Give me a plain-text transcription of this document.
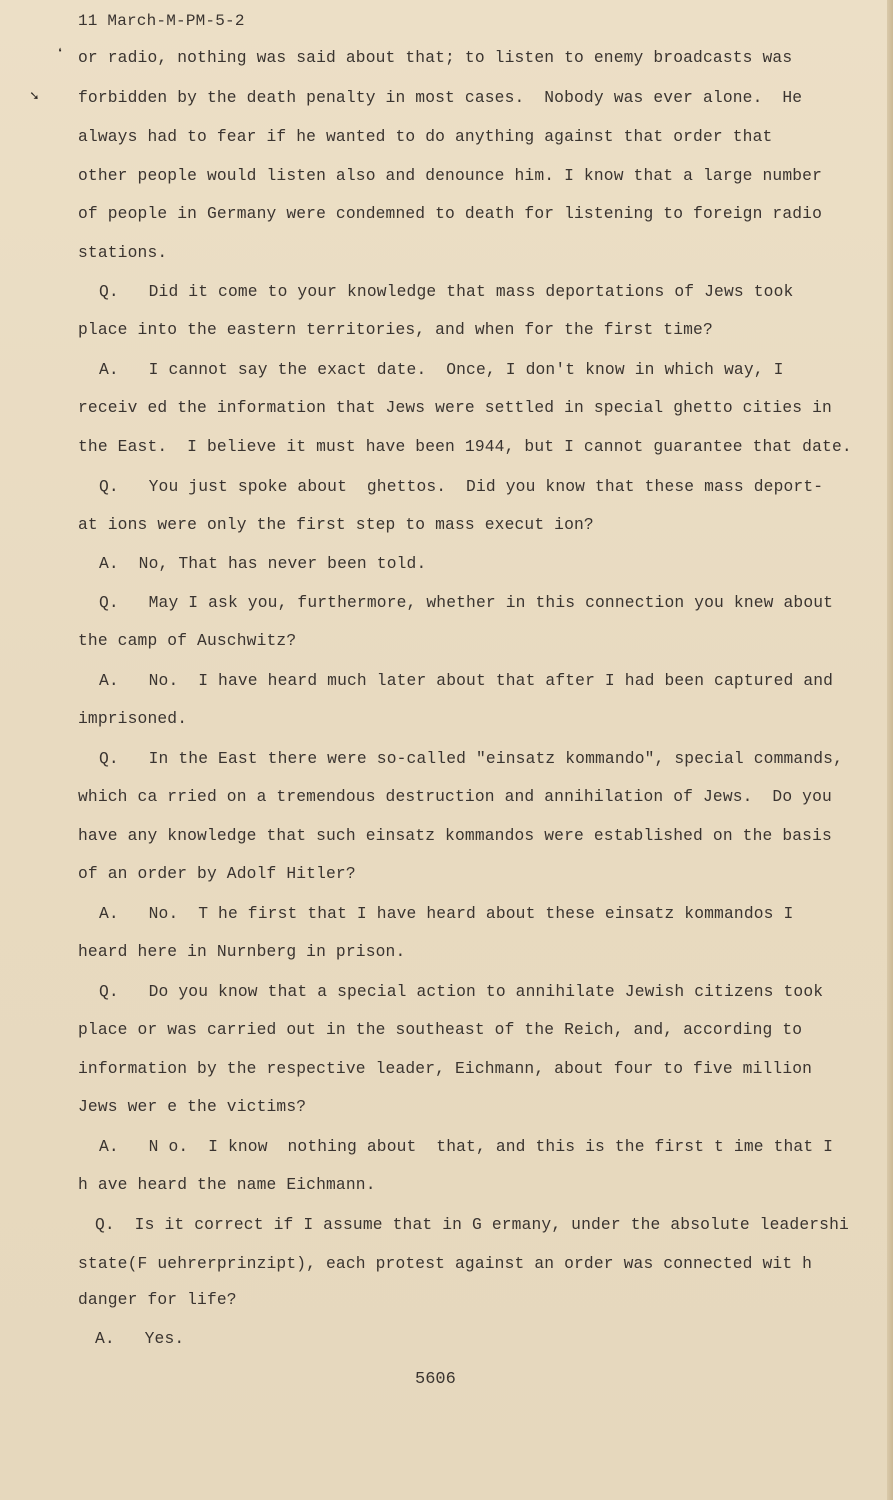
❛
➘
11 March-M-PM-5-2
or radio, nothing was said about that; to listen to enemy broadcasts was
forbidden by the death penalty in most cases.  Nobody was ever alone.  He
always had to fear if he wanted to do anything against that order that
other people would listen also and denounce him. I know that a large number
of people in Germany were condemned to death for listening to foreign radio
stations.
Q.   Did it come to your knowledge that mass deportations of Jews took
place into the eastern territories, and when for the first time?
A.   I cannot say the exact date.  Once, I don't know in which way, I
receiv ed the information that Jews were settled in special ghetto cities in
the East.  I believe it must have been 1944, but I cannot guarantee that date.
Q.   You just spoke about  ghettos.  Did you know that these mass deport-
at ions were only the first step to mass execut ion?
A.  No, That has never been told.
Q.   May I ask you, furthermore, whether in this connection you knew about
the camp of Auschwitz?
A.   No.  I have heard much later about that after I had been captured and
imprisoned.
Q.   In the East there were so-called "einsatz kommando", special commands,
which ca rried on a tremendous destruction and annihilation of Jews.  Do you
have any knowledge that such einsatz kommandos were established on the basis
of an order by Adolf Hitler?
A.   No.  T he first that I have heard about these einsatz kommandos I
heard here in Nurnberg in prison.
Q.   Do you know that a special action to annihilate Jewish citizens took
place or was carried out in the southeast of the Reich, and, according to
information by the respective leader, Eichmann, about four to five million
Jews wer e the victims?
A.   N o.  I know  nothing about  that, and this is the first t ime that I
h ave heard the name Eichmann.
Q.  Is it correct if I assume that in G ermany, under the absolute leadershi
state(F uehrerprinzipt), each protest against an order was connected wit h
danger for life?
A.   Yes.
5606
